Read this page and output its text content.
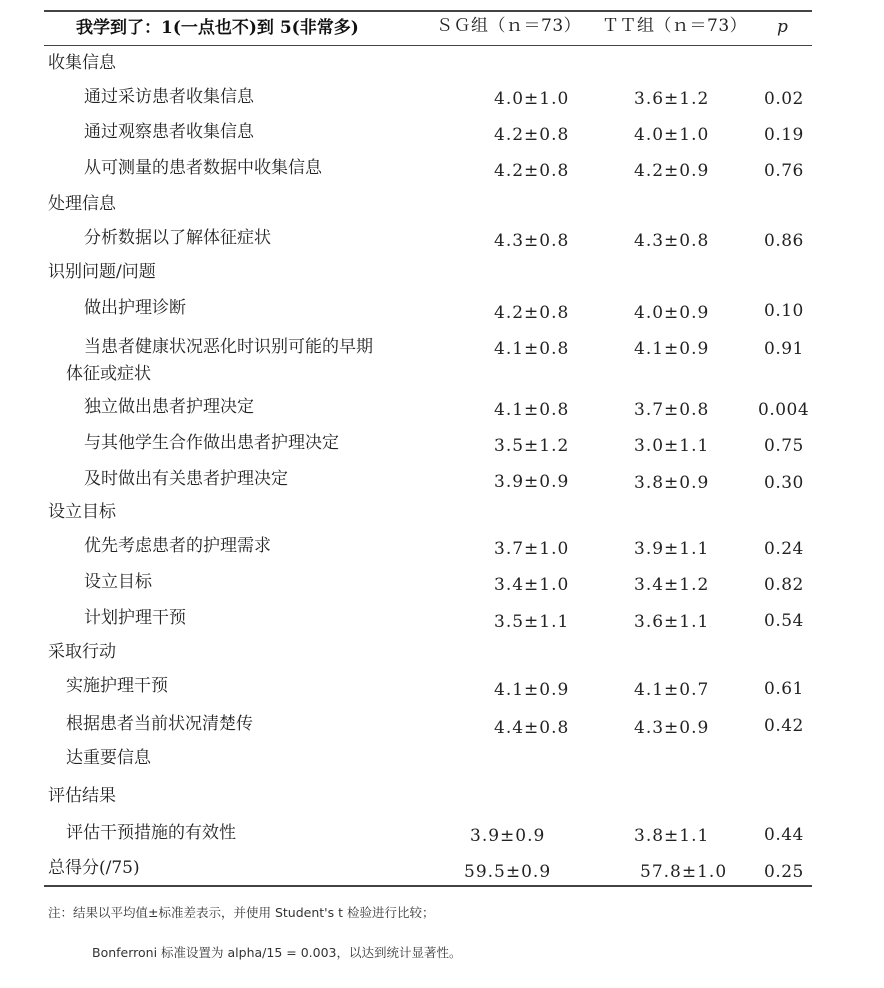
我学到了：1(一点也不)到 5(非常多)	ＳＧ组（ｎ＝73） ＴＴ组（ｎ＝73） p
收集信息
通过采访患者收集信息	4.0±1.0	3.6±1.2	0.02
通过观察患者收集信息	4.2±0.8	4.0±1.0	0.19
从可测量的患者数据中收集信息	4.2±0.8	4.2±0.9	0.76
处理信息
分析数据以了解体征症状	4.3±0.8	4.3±0.8	0.86
识别问题/问题
做出护理诊断	4.2±0.8	4.0±0.9	0.10
当患者健康状况恶化时识别可能的早期
体征或症状
4.1±0.8	4.1±0.9	0.91
独立做出患者护理决定	4.1±0.8	3.7±0.8	0.004
与其他学生合作做出患者护理决定	3.5±1.2	3.0±1.1	0.75
及时做出有关患者护理决定	3.9±0.9	3.8±0.9	0.30
设立目标
优先考虑患者的护理需求	3.7±1.0	3.9±1.1	0.24
设立目标	3.4±1.0	3.4±1.2	0.82
计划护理干预	3.5±1.1	3.6±1.1	0.54
采取行动
实施护理干预	4.1±0.9	4.1±0.7	0.61
根据患者当前状况清楚传
达重要信息
4.4±0.8	4.3±0.9	0.42
评估结果
评估干预措施的有效性	3.9±0.9	3.8±1.1	0.44
总得分(/75)	59.5±0.9	57.8±1.0 0.25
注：结果以平均值±标准差表示，并使用 Student's t 检验进行比较；
Bonferroni 标准设置为 alpha/15 = 0.003，以达到统计显著性。
